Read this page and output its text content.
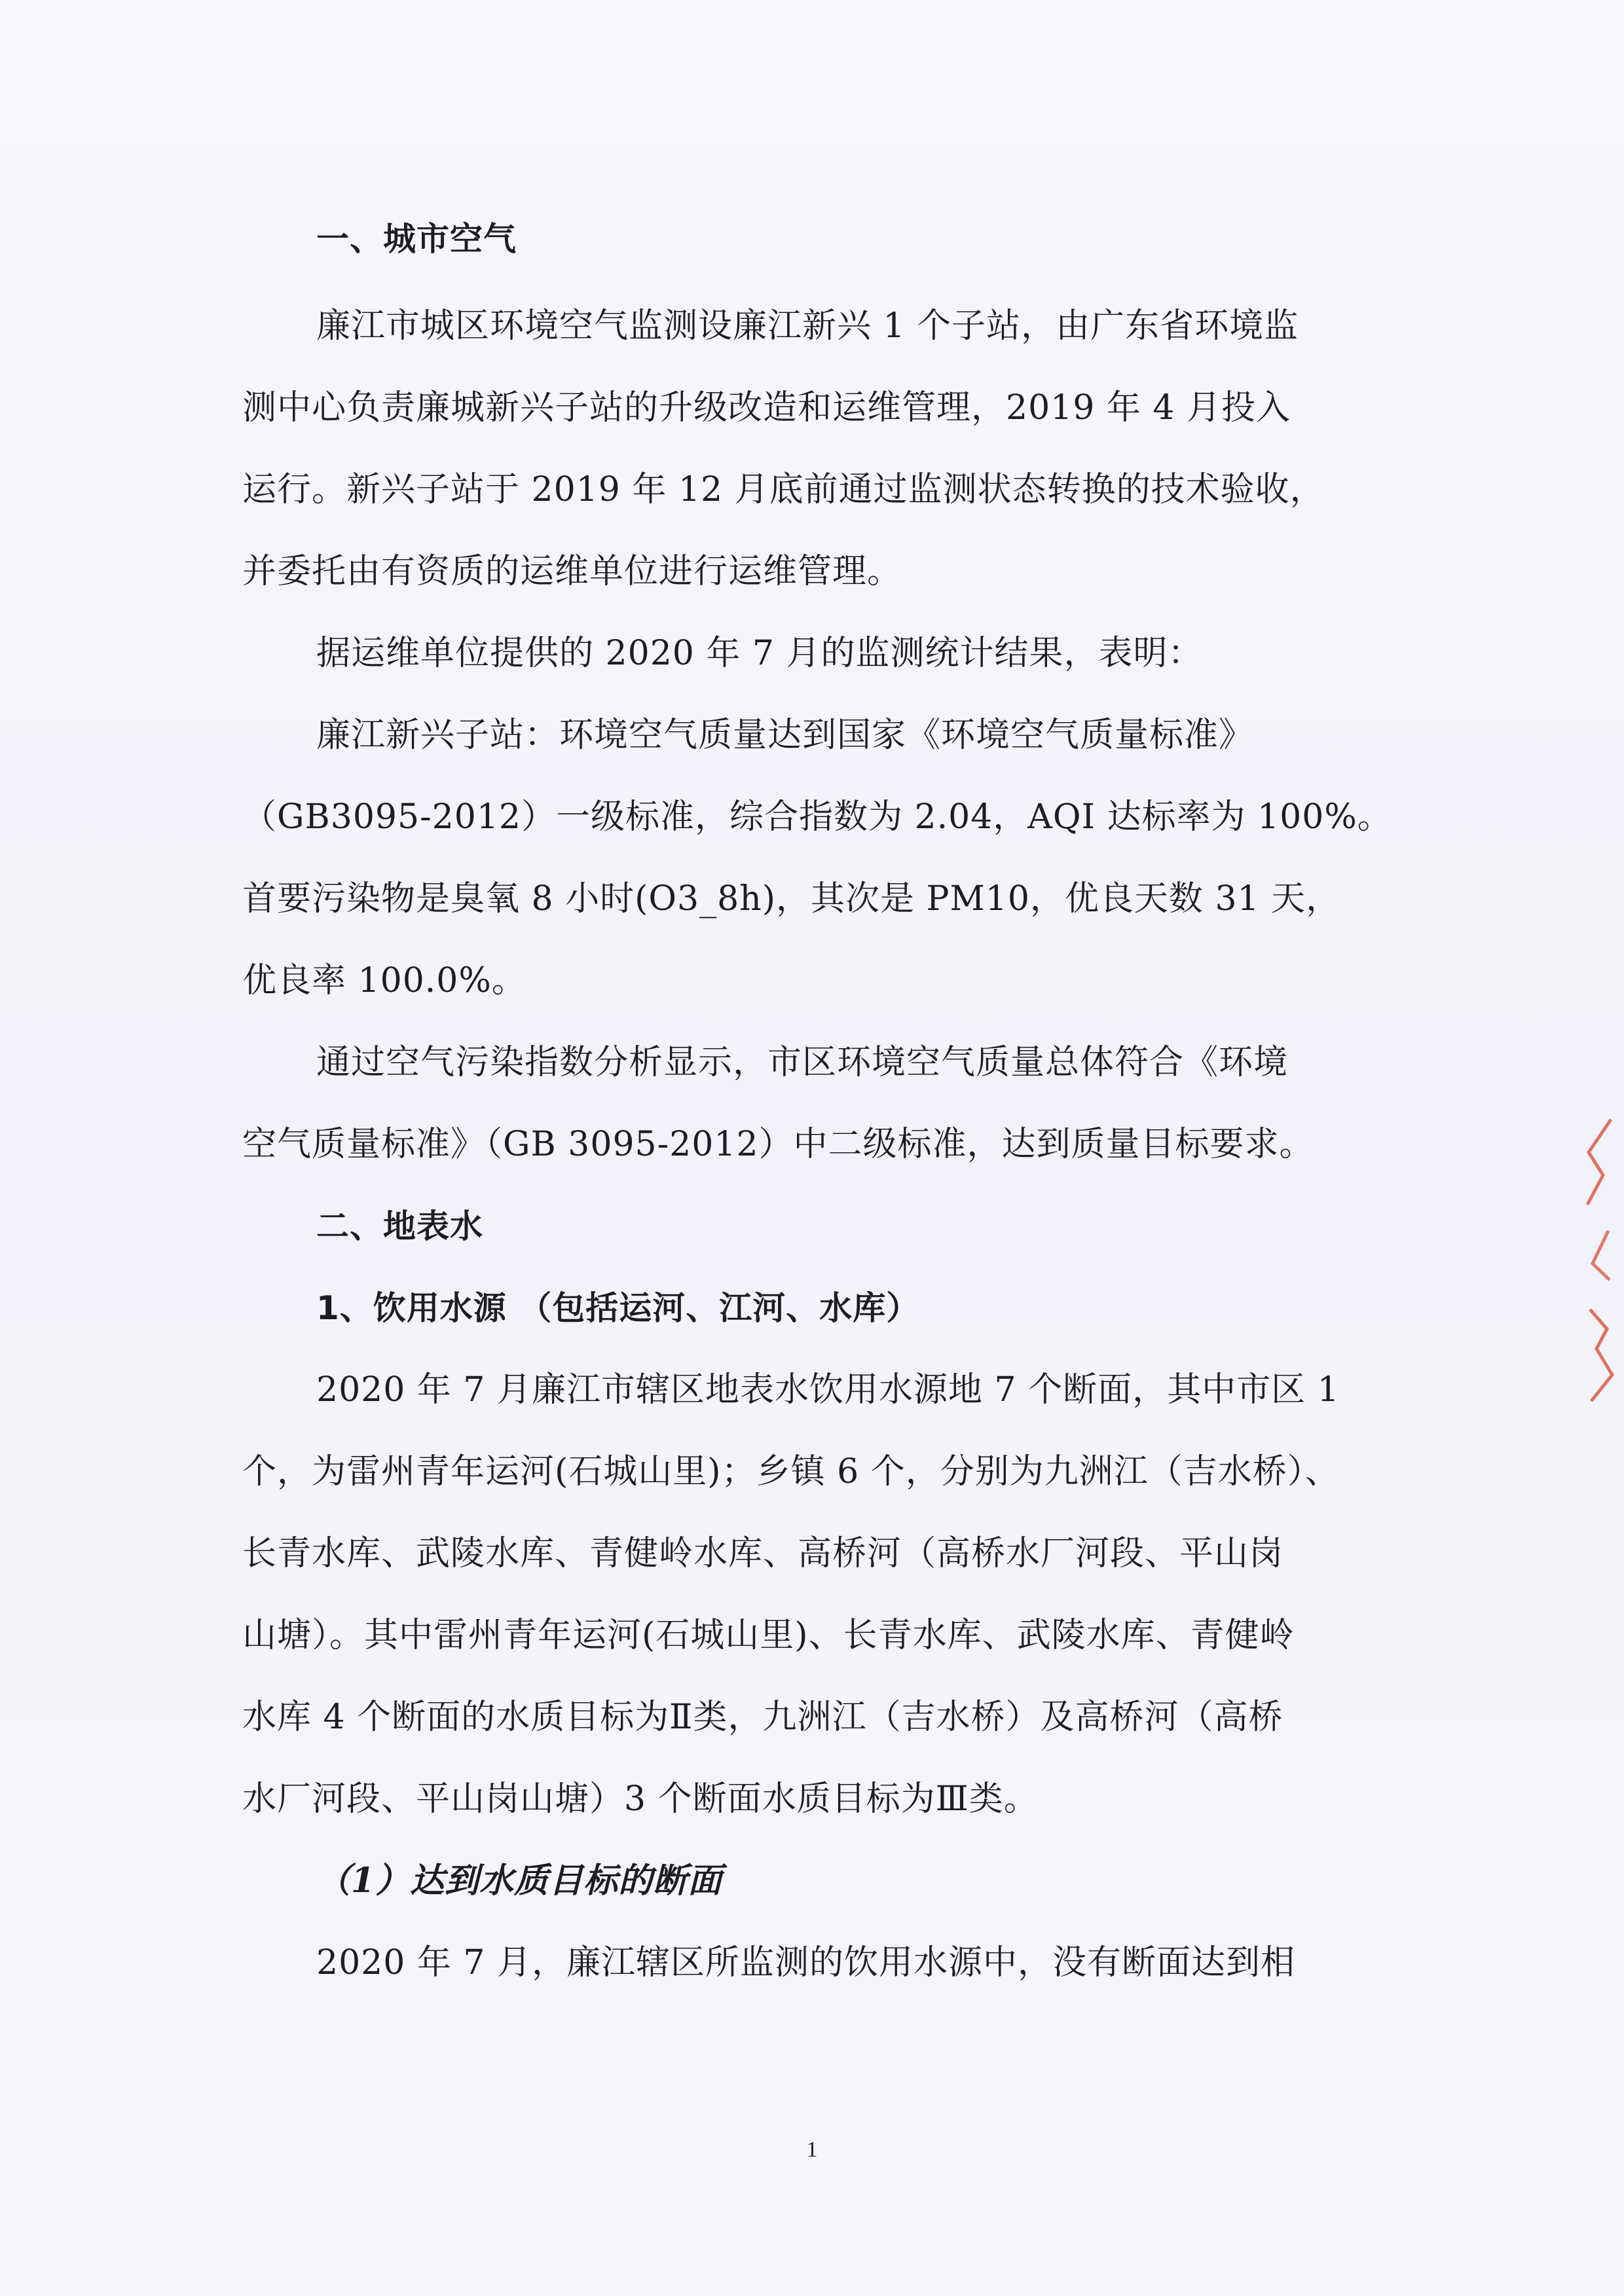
一、城市空气
廉江市城区环境空气监测设廉江新兴 1 个子站，由广东省环境监
测中心负责廉城新兴子站的升级改造和运维管理，2019 年 4 月投入
运行。新兴子站于 2019 年 12 月底前通过监测状态转换的技术验收，
并委托由有资质的运维单位进行运维管理。
据运维单位提供的 2020 年 7 月的监测统计结果，表明：
廉江新兴子站：环境空气质量达到国家《环境空气质量标准》
（GB3095-2012）一级标准，综合指数为 2.04，AQI 达标率为 100%。
首要污染物是臭氧 8 小时(O3_8h)，其次是 PM10，优良天数 31 天，
优良率 100.0%。
通过空气污染指数分析显示，市区环境空气质量总体符合《环境
空气质量标准》（GB 3095-2012）中二级标准，达到质量目标要求。
二、地表水
1、饮用水源 （包括运河、江河、水库）
2020 年 7 月廉江市辖区地表水饮用水源地 7 个断面，其中市区 1
个，为雷州青年运河(石城山里)；乡镇 6 个，分别为九洲江（吉水桥）、
长青水库、武陵水库、青健岭水库、高桥河（高桥水厂河段、平山岗
山塘）。其中雷州青年运河(石城山里)、长青水库、武陵水库、青健岭
水库 4 个断面的水质目标为Ⅱ类，九洲江（吉水桥）及高桥河（高桥
水厂河段、平山岗山塘）3 个断面水质目标为Ⅲ类。
（1）达到水质目标的断面
2020 年 7 月，廉江辖区所监测的饮用水源中，没有断面达到相
1
